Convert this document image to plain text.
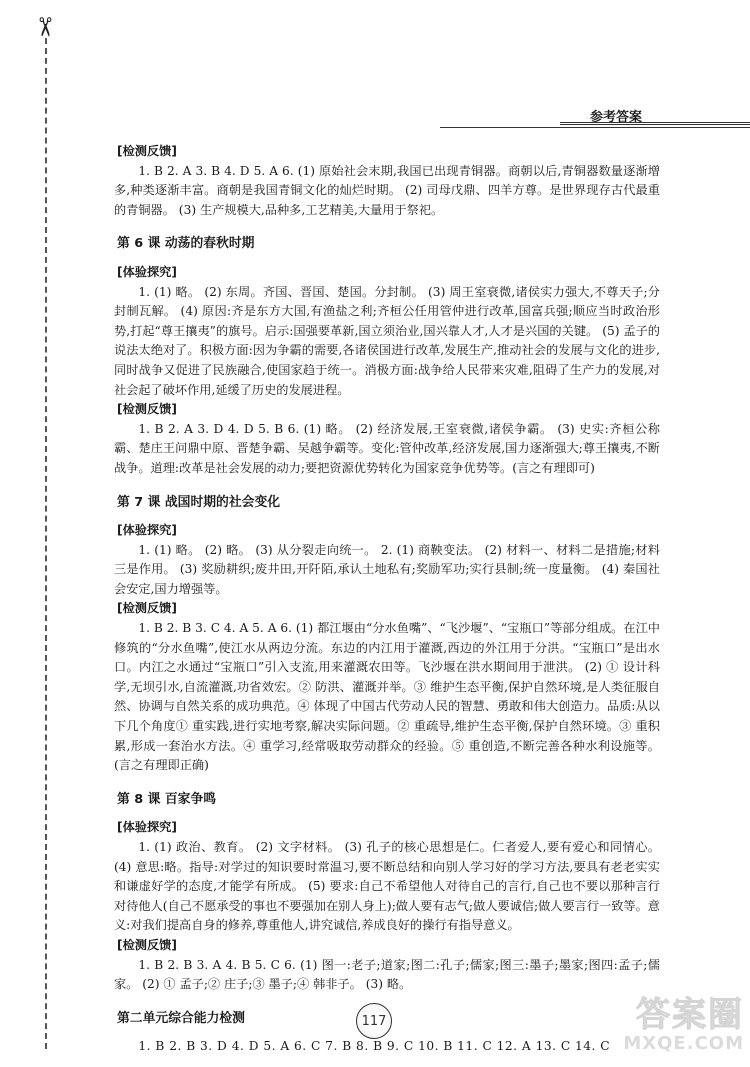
✂
参考答案
[检测反馈]

1. B 2. A 3. B 4. D 5. A 6. (1) 原始社会末期,我国已出现青铜器。商朝以后,青铜器数量逐渐增多,种类逐渐丰富。商朝是我国青铜文化的灿烂时期。 (2) 司母戊鼎、四羊方尊。是世界现存古代最重的青铜器。 (3) 生产规模大,品种多,工艺精美,大量用于祭祀。

第 6 课 动荡的春秋时期
[体验探究]

1. (1) 略。 (2) 东周。齐国、晋国、楚国。分封制。 (3) 周王室衰微,诸侯实力强大,不尊天子;分封制瓦解。 (4) 原因:齐是东方大国,有渔盐之利;齐桓公任用管仲进行改革,国富兵强;顺应当时政治形势,打起“尊王攘夷”的旗号。启示:国强要革新,国立须治业,国兴靠人才,人才是兴国的关键。 (5) 孟子的说法太绝对了。积极方面:因为争霸的需要,各诸侯国进行改革,发展生产,推动社会的发展与文化的进步,同时战争又促进了民族融合,使国家趋于统一。消极方面:战争给人民带来灾难,阻碍了生产力的发展,对社会起了破坏作用,延缓了历史的发展进程。

[检测反馈]

1. B 2. A 3. D 4. D 5. B 6. (1) 略。 (2) 经济发展,王室衰微,诸侯争霸。 (3) 史实:齐桓公称霸、楚庄王问鼎中原、晋楚争霸、吴越争霸等。变化:管仲改革,经济发展,国力逐渐强大;尊王攘夷,不断战争。道理:改革是社会发展的动力;要把资源优势转化为国家竞争优势等。(言之有理即可)

第 7 课 战国时期的社会变化
[体验探究]

1. (1) 略。 (2) 略。 (3) 从分裂走向统一。 2. (1) 商鞅变法。 (2) 材料一、材料二是措施;材料三是作用。 (3) 奖励耕织;废井田,开阡陌,承认土地私有;奖励军功;实行县制;统一度量衡。 (4) 秦国社会安定,国力增强等。

[检测反馈]

1. B 2. B 3. C 4. A 5. A 6. (1) 都江堰由“分水鱼嘴”、“飞沙堰”、“宝瓶口”等部分组成。在江中修筑的“分水鱼嘴”,使江水从两边分流。东边的内江用于灌溉,西边的外江用于分洪。“宝瓶口”是出水口。内江之水通过“宝瓶口”引入支流,用来灌溉农田等。飞沙堰在洪水期间用于泄洪。 (2) ① 设计科学,无坝引水,自流灌溉,功省效宏。② 防洪、灌溉并举。③ 维护生态平衡,保护自然环境,是人类征服自然、协调与自然关系的成功典范。④ 体现了中国古代劳动人民的智慧、勇敢和伟大创造力。品质:从以下几个角度① 重实践,进行实地考察,解决实际问题。② 重疏导,维护生态平衡,保护自然环境。③ 重积累,形成一套治水方法。④ 重学习,经常吸取劳动群众的经验。⑤ 重创造,不断完善各种水利设施等。(言之有理即正确)

第 8 课 百家争鸣
[体验探究]

1. (1) 政治、教育。 (2) 文字材料。 (3) 孔子的核心思想是仁。仁者爱人,要有爱心和同情心。 (4) 意思:略。指导:对学过的知识要时常温习,要不断总结和向别人学习好的学习方法,要具有老老实实和谦虚好学的态度,才能学有所成。 (5) 要求:自己不希望他人对待自己的言行,自己也不要以那种言行对待他人(自己不愿承受的事也不要强加在别人身上);做人要有志气;做人要诚信;做人要言行一致等。意义:对我们提高自身的修养,尊重他人,讲究诚信,养成良好的操行有指导意义。

[检测反馈]

1. B 2. B 3. A 4. B 5. C 6. (1) 图一:老子;道家;图二:孔子;儒家;图三:墨子;墨家;图四:孟子;儒家。 (2) ① 孟子;② 庄子;③ 墨子;④ 韩非子。 (3) 略。

第二单元综合能力检测

1. B 2. B 3. D 4. D 5. A 6. C 7. B 8. B 9. C 10. B 11. C 12. A 13. C 14. C

117	答案圈
MXQE.COM
